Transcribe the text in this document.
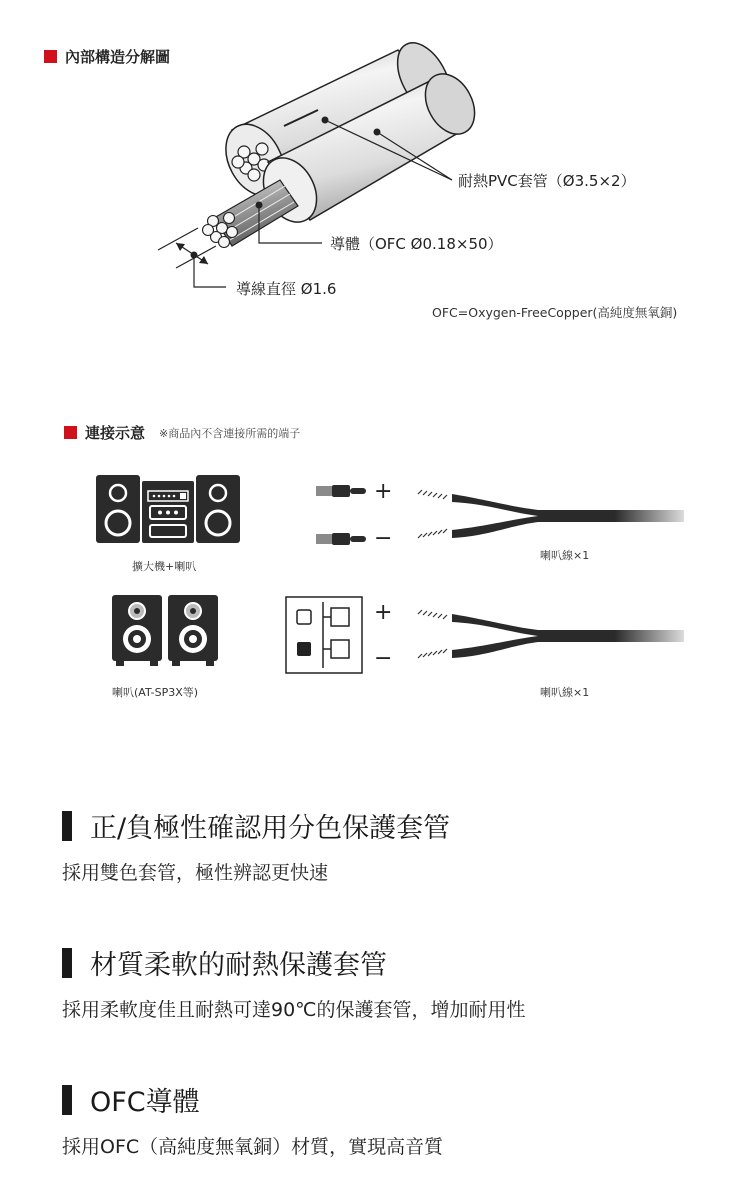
內部構造分解圖
耐熱PVC套管（Ø3.5×2）
導體（OFC Ø0.18×50）
導線直徑 Ø1.6
OFC=Oxygen-FreeCopper(高純度無氧銅)
連接示意 ※商品內不含連接所需的端子
擴大機+喇叭
+
−
喇叭線×1
喇叭(AT-SP3X等)
+
−
喇叭線×1
正/負極性確認用分色保護套管
採用雙色套管，極性辨認更快速
材質柔軟的耐熱保護套管
採用柔軟度佳且耐熱可達90℃的保護套管，增加耐用性
OFC導體
採用OFC（高純度無氧銅）材質，實現高音質
